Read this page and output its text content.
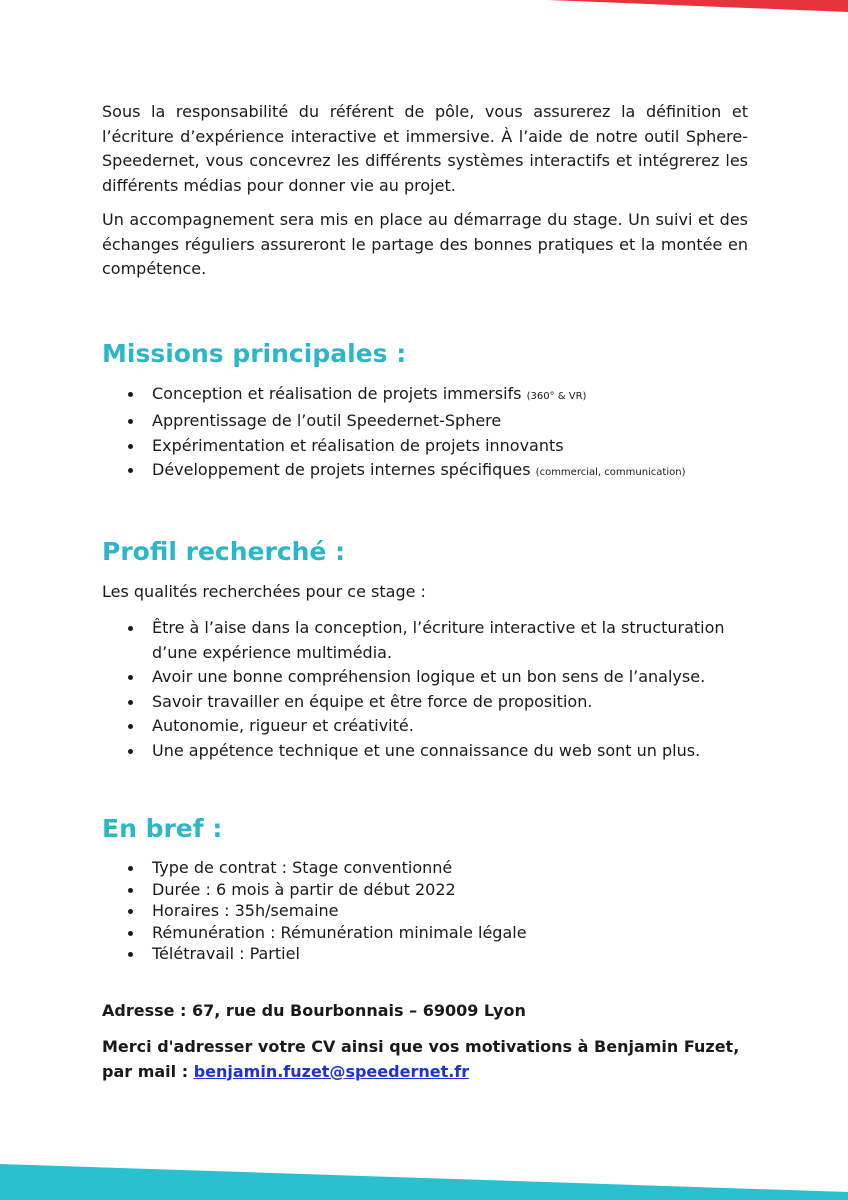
Sous la responsabilité du référent de pôle, vous assurerez la définition et l’écriture d’expérience interactive et immersive. À l’aide de notre outil Sphere-Speedernet, vous concevrez les différents systèmes interactifs et intégrerez les différents médias pour donner vie au projet.

Un accompagnement sera mis en place au démarrage du stage. Un suivi et des échanges réguliers assureront le partage des bonnes pratiques et la montée en compétence.

Missions principales :
Conception et réalisation de projets immersifs (360° & VR)
Apprentissage de l’outil Speedernet-Sphere
Expérimentation et réalisation de projets innovants
Développement de projets internes spécifiques (commercial, communication)
Profil recherché :

Les qualités recherchées pour ce stage :

Être à l’aise dans la conception, l’écriture interactive et la structuration d’une expérience multimédia.
Avoir une bonne compréhension logique et un bon sens de l’analyse.
Savoir travailler en équipe et être force de proposition.
Autonomie, rigueur et créativité.
Une appétence technique et une connaissance du web sont un plus.
En bref :
Type de contrat : Stage conventionné
Durée : 6 mois à partir de début 2022
Horaires : 35h/semaine
Rémunération : Rémunération minimale légale
Télétravail : Partiel

Adresse : 67, rue du Bourbonnais – 69009 Lyon

Merci d'adresser votre CV ainsi que vos motivations à Benjamin Fuzet,
par mail : benjamin.fuzet@speedernet.fr
